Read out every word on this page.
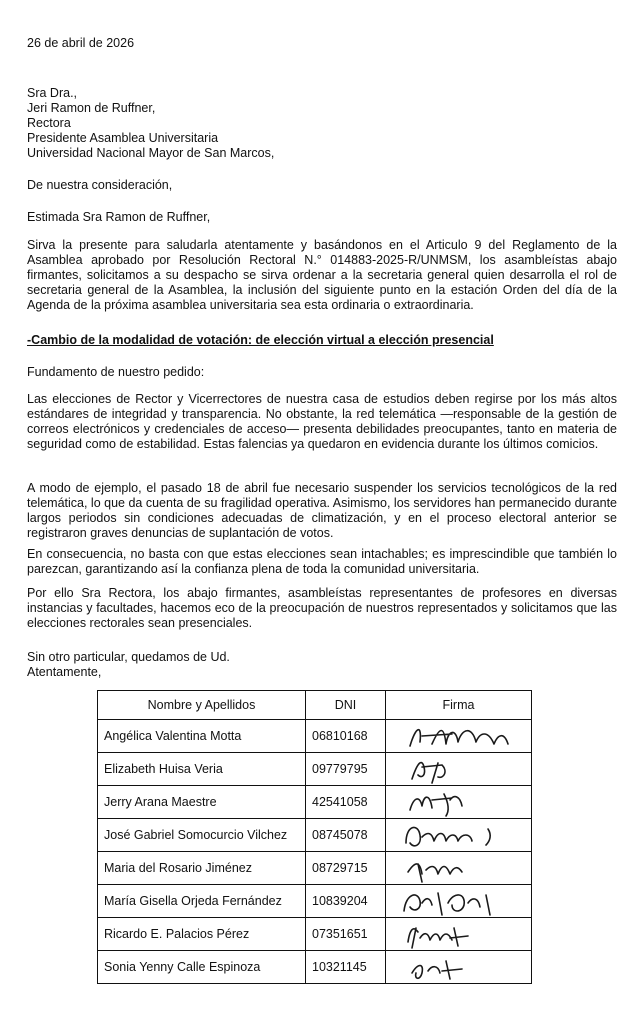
26 de abril de 2026
Sra Dra.,
Jeri Ramon de Ruffner,
Rectora
Presidente Asamblea Universitaria
Universidad Nacional Mayor de San Marcos,
De nuestra consideración,
Estimada Sra Ramon de Ruffner,
Sirva la presente para saludarla atentamente y basándonos en el Articulo 9 del Reglamento de la Asamblea aprobado por Resolución Rectoral N.° 014883-2025-R/UNMSM, los asambleístas abajo firmantes, solicitamos a su despacho se sirva ordenar a la secretaria general quien desarrolla el rol de secretaria general de la Asamblea, la inclusión del siguiente punto en la estación Orden del día de la Agenda de la próxima asamblea universitaria sea esta ordinaria o extraordinaria.
-Cambio de la modalidad de votación: de elección virtual a elección presencial
Fundamento de nuestro pedido:
Las elecciones de Rector y Vicerrectores de nuestra casa de estudios deben regirse por los más altos estándares de integridad y transparencia. No obstante, la red telemática —responsable de la gestión de correos electrónicos y credenciales de acceso— presenta debilidades preocupantes, tanto en materia de seguridad como de estabilidad. Estas falencias ya quedaron en evidencia durante los últimos comicios.
A modo de ejemplo, el pasado 18 de abril fue necesario suspender los servicios tecnológicos de la red telemática, lo que da cuenta de su fragilidad operativa. Asimismo, los servidores han permanecido durante largos periodos sin condiciones adecuadas de climatización, y en el proceso electoral anterior se registraron graves denuncias de suplantación de votos.
En consecuencia, no basta con que estas elecciones sean intachables; es imprescindible que también lo parezcan, garantizando así la confianza plena de toda la comunidad universitaria.
Por ello Sra Rectora, los abajo firmantes, asambleístas representantes de profesores en diversas instancias y facultades, hacemos eco de la preocupación de nuestros representados y solicitamos que las elecciones rectorales sean presenciales.
Sin otro particular, quedamos de Ud.
Atentamente,
Nombre y Apellidos	DNI	Firma
Angélica Valentina Motta	06810168	

Elizabeth Huisa Veria	09779795	

Jerry Arana Maestre	42541058	

José Gabriel Somocurcio Vilchez	08745078	

Maria del Rosario Jiménez	08729715	

María Gisella Orjeda Fernández	10839204	

Ricardo E. Palacios Pérez	07351651	

Sonia Yenny Calle Espinoza	10321145	
